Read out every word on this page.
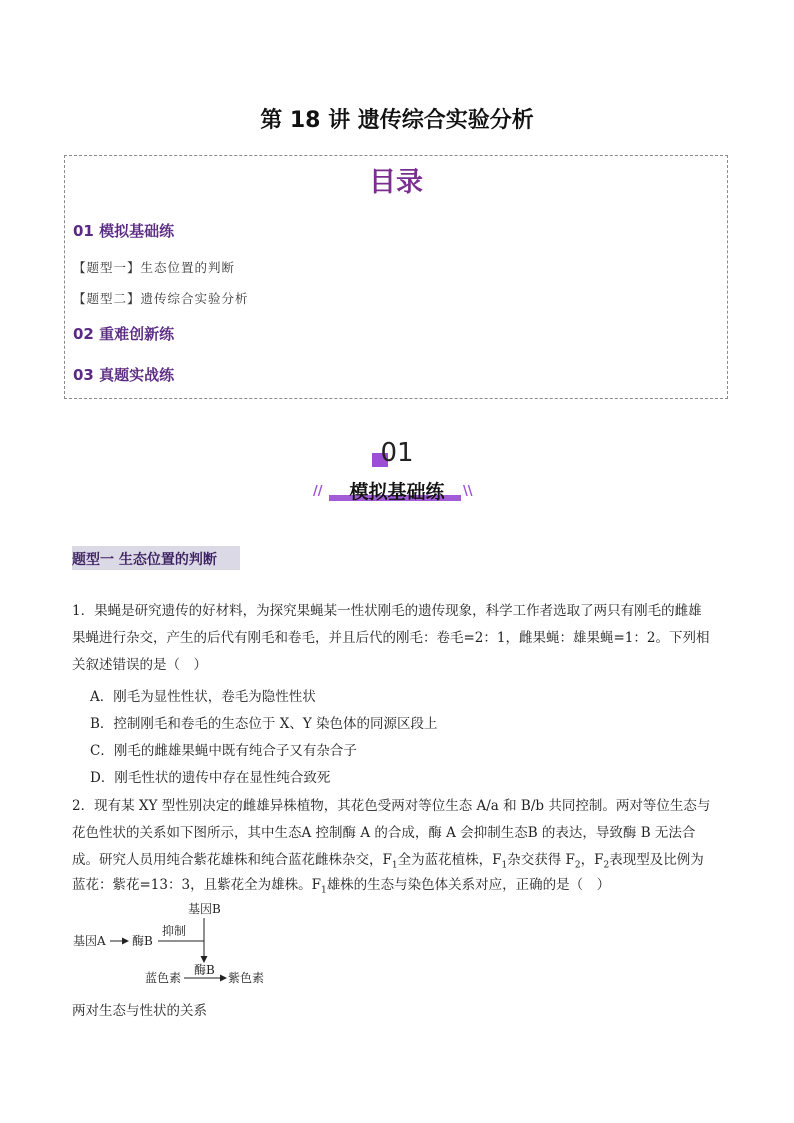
第 18 讲 遗传综合实验分析
目录
01 模拟基础练
【题型一】生态位置的判断
【题型二】遗传综合实验分析
02 重难创新练
03 真题实战练
01
//	模拟基础练	\\
题型一 生态位置的判断
1．果蝇是研究遗传的好材料，为探究果蝇某一性状刚毛的遗传现象，科学工作者选取了两只有刚毛的雌雄
果蝇进行杂交，产生的后代有刚毛和卷毛，并且后代的刚毛：卷毛=2：1，雌果蝇：雄果蝇=1：2。下列相
关叙述错误的是（　）
A．刚毛为显性性状，卷毛为隐性性状
B．控制刚毛和卷毛的生态位于 X、Y 染色体的同源区段上
C．刚毛的雌雄果蝇中既有纯合子又有杂合子
D．刚毛性状的遗传中存在显性纯合致死
2．现有某 XY 型性别决定的雌雄异株植物，其花色受两对等位生态 A/a 和 B/b 共同控制。两对等位生态与
花色性状的关系如下图所示，其中生态A 控制酶 A 的合成，酶 A 会抑制生态B 的表达，导致酶 B 无法合
成。研究人员用纯合紫花雄株和纯合蓝花雌株杂交，$F_1$全为蓝花植株，$F_1$杂交获得 $F_2$，$F_2$表现型及比例为
蓝花：紫花=13：3，且紫花全为雄株。$F_1$雄株的生态与染色体关系对应，正确的是（　）
基因B
基因A 酶B
抑制
酶B
蓝色素	紫色素
两对生态与性状的关系
